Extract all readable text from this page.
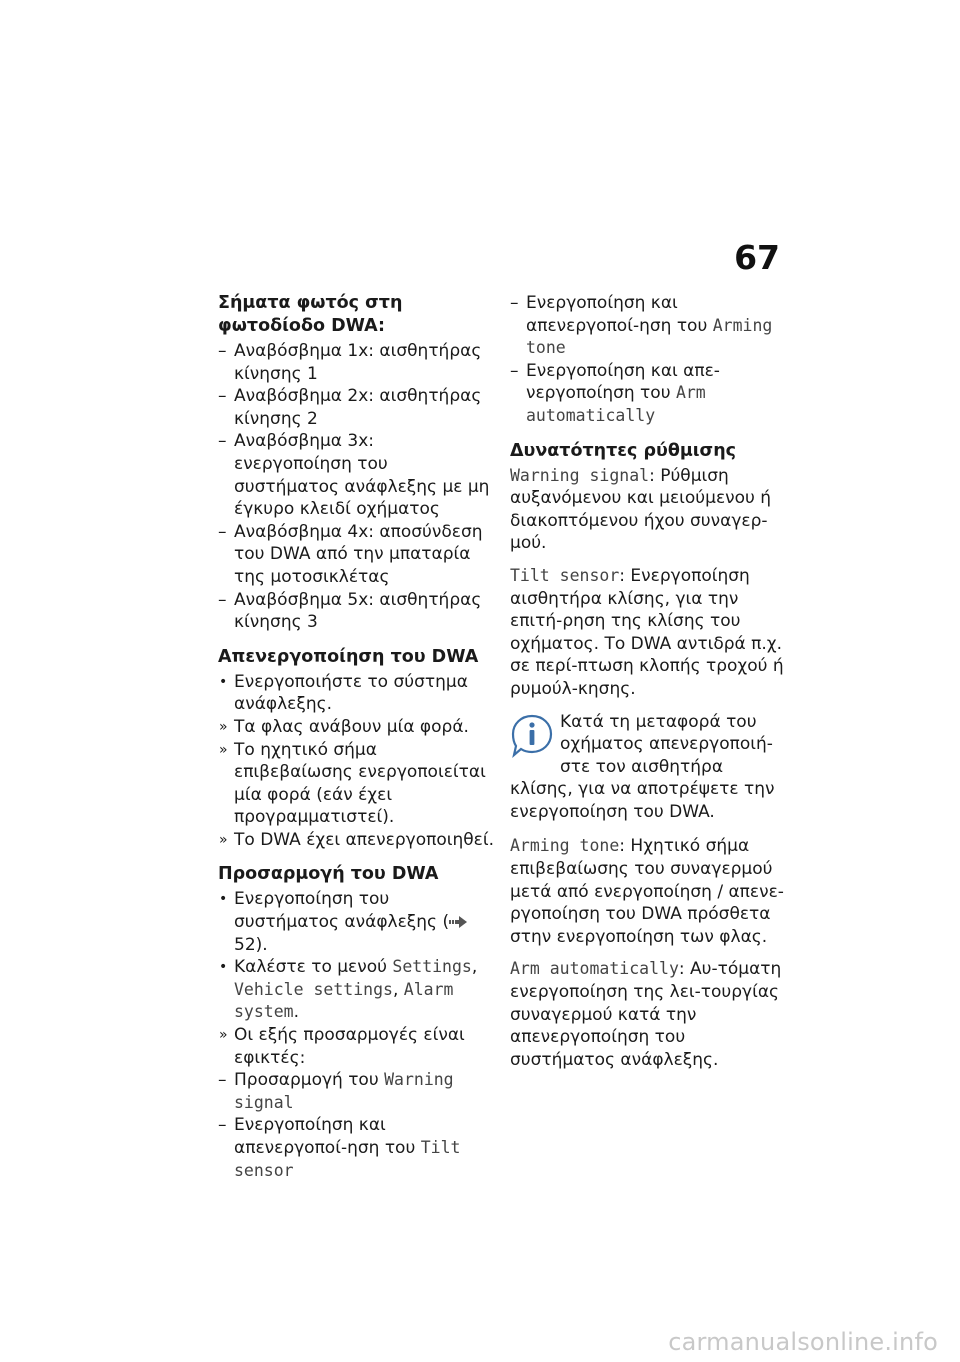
67
Σήματα φωτός στη
φωτοδίοδο DWA:
– Αναβόσβημα 1x: αισθητήρας κίνησης 1
– Αναβόσβημα 2x: αισθητήρας κίνησης 2
– Αναβόσβημα 3x: ενεργοποίηση του συστήματος ανάφλεξης με μη έγκυρο κλειδί οχήματος
– Αναβόσβημα 4x: αποσύνδεση του DWA από την μπαταρία της μοτοσικλέτας
– Αναβόσβημα 5x: αισθητήρας κίνησης 3
Απενεργοποίηση του DWA
• Ενεργοποιήστε το σύστημα ανάφλεξης.
» Τα φλας ανάβουν μία φορά.
» Το ηχητικό σήμα επιβεβαίωσης ενεργοποιείται μία φορά (εάν έχει προγραμματιστεί).
» Το DWA έχει απενεργοποιηθεί.
Προσαρμογή του DWA
• Ενεργοποίηση του συστήματος ανάφλεξης ( 52).
• Καλέστε το μενού Settings, Vehicle settings, Alarm system.
» Οι εξής προσαρμογές είναι εφικτές:
– Προσαρμογή του Warning signal
– Ενεργοποίηση και απενεργοποί-ηση του Tilt sensor
– Ενεργοποίηση και απενεργοποί-ηση του Arming tone
– Ενεργοποίηση και απε-νεργοποίηση του Arm automatically
Δυνατότητες ρύθμισης

Warning signal: Ρύθμιση αυξανόμενου και μειούμενου ή διακοπτόμενου ήχου συναγερ-μού.

Tilt sensor: Ενεργοποίηση αισθητήρα κλίσης, για την επιτή-ρηση της κλίσης του οχήματος. Το DWA αντιδρά π.χ. σε περί-πτωση κλοπής τροχού ή ρυμούλ-κησης.

Κατά τη μεταφορά του οχήματος απενεργοποιή-στε τον αισθητήρα κλίσης, για να αποτρέψετε την ενεργοποίηση του DWA.

Arming tone: Ηχητικό σήμα επιβεβαίωσης του συναγερμού μετά από ενεργοποίηση / απενε-ργοποίηση του DWA πρόσθετα στην ενεργοποίηση των φλας.

Arm automatically: Αυ-τόματη ενεργοποίηση της λει-τουργίας συναγερμού κατά την απενεργοποίηση του συστήματος ανάφλεξης.

carmanualsonline.info
